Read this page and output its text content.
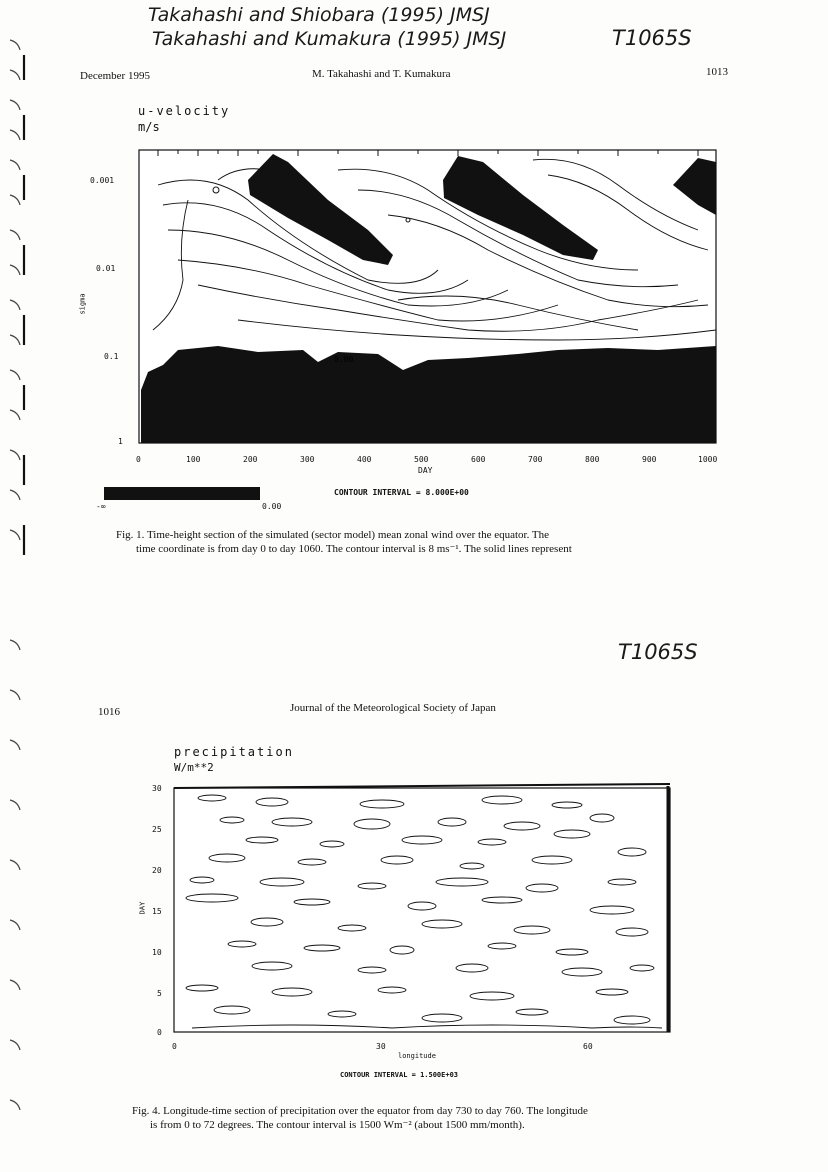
Takahashi and Shiobara (1995) JMSJ
Takahashi and Kumakura (1995) JMSJ	T1065S
December 1995	M. Takahashi and T. Kumakura	1013
u-velocity
m/s
sigma
0.00
0.001
0.01
0.1
1
0	100	200	300	400	500	600	700	800	900	1000
DAY
-∞	0.00
CONTOUR INTERVAL = 8.000E+00
Fig. 1. Time-height section of the simulated (sector model) mean zonal wind over the equator. The
time coordinate is from day 0 to day 1060. The contour interval is 8 ms⁻¹. The solid lines represent
T1065S
1016	Journal of the Meteorological Society of Japan
precipitation
W/m**2
DAY
30
25
20
15
10
5
0
0	30	60
longitude
CONTOUR INTERVAL = 1.500E+03
Fig. 4. Longitude-time section of precipitation over the equator from day 730 to day 760. The longitude
is from 0 to 72 degrees. The contour interval is 1500 Wm⁻² (about 1500 mm/month).
